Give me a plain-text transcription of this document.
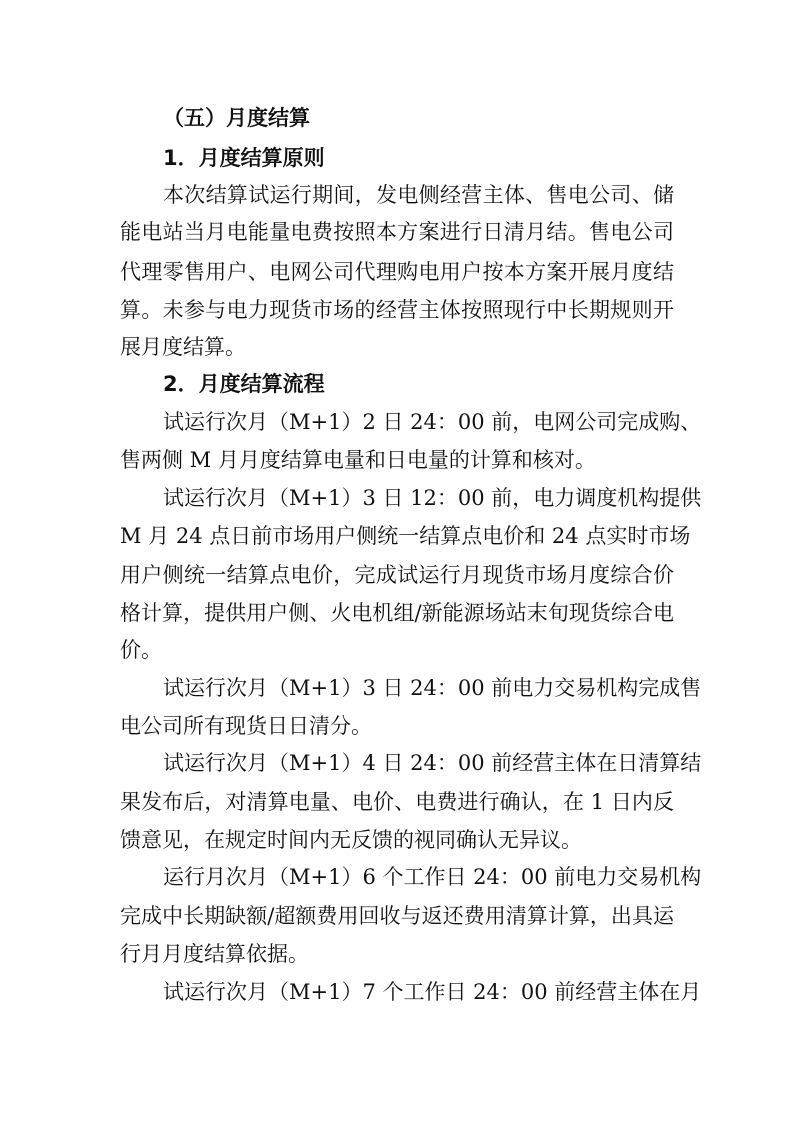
（五）月度结算
1．月度结算原则
本次结算试运行期间，发电侧经营主体、售电公司、储
能电站当月电能量电费按照本方案进行日清月结。售电公司
代理零售用户、电网公司代理购电用户按本方案开展月度结
算。未参与电力现货市场的经营主体按照现行中长期规则开
展月度结算。
2．月度结算流程
试运行次月（M+1）2 日 24：00 前，电网公司完成购、
售两侧 M 月月度结算电量和日电量的计算和核对。
试运行次月（M+1）3 日 12：00 前，电力调度机构提供
M 月 24 点日前市场用户侧统一结算点电价和 24 点实时市场
用户侧统一结算点电价，完成试运行月现货市场月度综合价
格计算，提供用户侧、火电机组/新能源场站末旬现货综合电
价。
试运行次月（M+1）3 日 24：00 前电力交易机构完成售
电公司所有现货日日清分。
试运行次月（M+1）4 日 24：00 前经营主体在日清算结
果发布后，对清算电量、电价、电费进行确认，在 1 日内反
馈意见，在规定时间内无反馈的视同确认无异议。
运行月次月（M+1）6 个工作日 24：00 前电力交易机构
完成中长期缺额/超额费用回收与返还费用清算计算，出具运
行月月度结算依据。
试运行次月（M+1）7 个工作日 24：00 前经营主体在月
